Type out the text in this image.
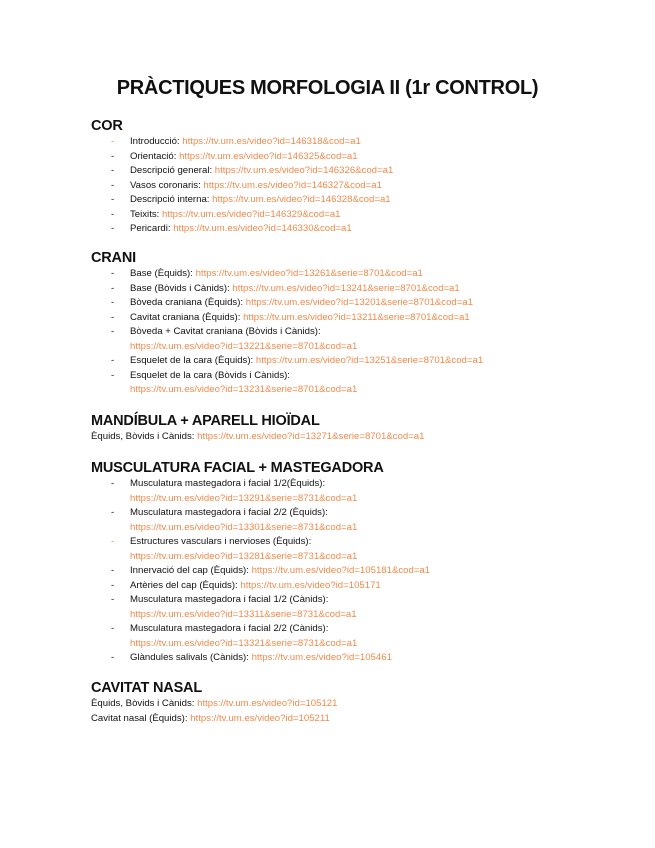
PRÀCTIQUES MORFOLOGIA II (1r CONTROL)
COR
- Introducció: https://tv.um.es/video?id=146318&cod=a1
- Orientació: https://tv.um.es/video?id=146325&cod=a1
- Descripció general: https://tv.um.es/video?id=146326&cod=a1
- Vasos coronaris: https://tv.um.es/video?id=146327&cod=a1
- Descripció interna: https://tv.um.es/video?id=146328&cod=a1
- Teixits: https://tv.um.es/video?id=146329&cod=a1
- Pericardi: https://tv.um.es/video?id=146330&cod=a1
CRANI
- Base (Èquids): https://tv.um.es/video?id=13261&serie=8701&cod=a1
- Base (Bòvids i Cànids): https://tv.um.es/video?id=13241&serie=8701&cod=a1
- Bòveda craniana (Èquids): https://tv.um.es/video?id=13201&serie=8701&cod=a1
- Cavitat craniana (Èquids): https://tv.um.es/video?id=13211&serie=8701&cod=a1
- Bòveda + Cavitat craniana (Bòvids i Cànids):
https://tv.um.es/video?id=13221&serie=8701&cod=a1
- Esquelet de la cara (Èquids): https://tv.um.es/video?id=13251&serie=8701&cod=a1
- Esquelet de la cara (Bòvids i Cànids):
https://tv.um.es/video?id=13231&serie=8701&cod=a1
MANDÍBULA + APARELL HIOÏDAL
Èquids, Bòvids i Cànids: https://tv.um.es/video?id=13271&serie=8701&cod=a1
MUSCULATURA FACIAL + MASTEGADORA
- Musculatura mastegadora i facial 1/2(Èquids):
https://tv.um.es/video?id=13291&serie=8731&cod=a1
- Musculatura mastegadora i facial 2/2 (Èquids):
https://tv.um.es/video?id=13301&serie=8731&cod=a1
- Estructures vasculars i nervioses (Èquids):
https://tv.um.es/video?id=13281&serie=8731&cod=a1
- Innervació del cap (Èquids): https://tv.um.es/video?id=105181&cod=a1
- Artèries del cap (Èquids): https://tv.um.es/video?id=105171
- Musculatura mastegadora i facial 1/2 (Cànids):
https://tv.um.es/video?id=13311&serie=8731&cod=a1
- Musculatura mastegadora i facial 2/2 (Cànids):
https://tv.um.es/video?id=13321&serie=8731&cod=a1
- Glàndules salivals (Cànids): https://tv.um.es/video?id=105461
CAVITAT NASAL
Èquids, Bòvids i Cànids: https://tv.um.es/video?id=105121
Cavitat nasal (Èquids): https://tv.um.es/video?id=105211
